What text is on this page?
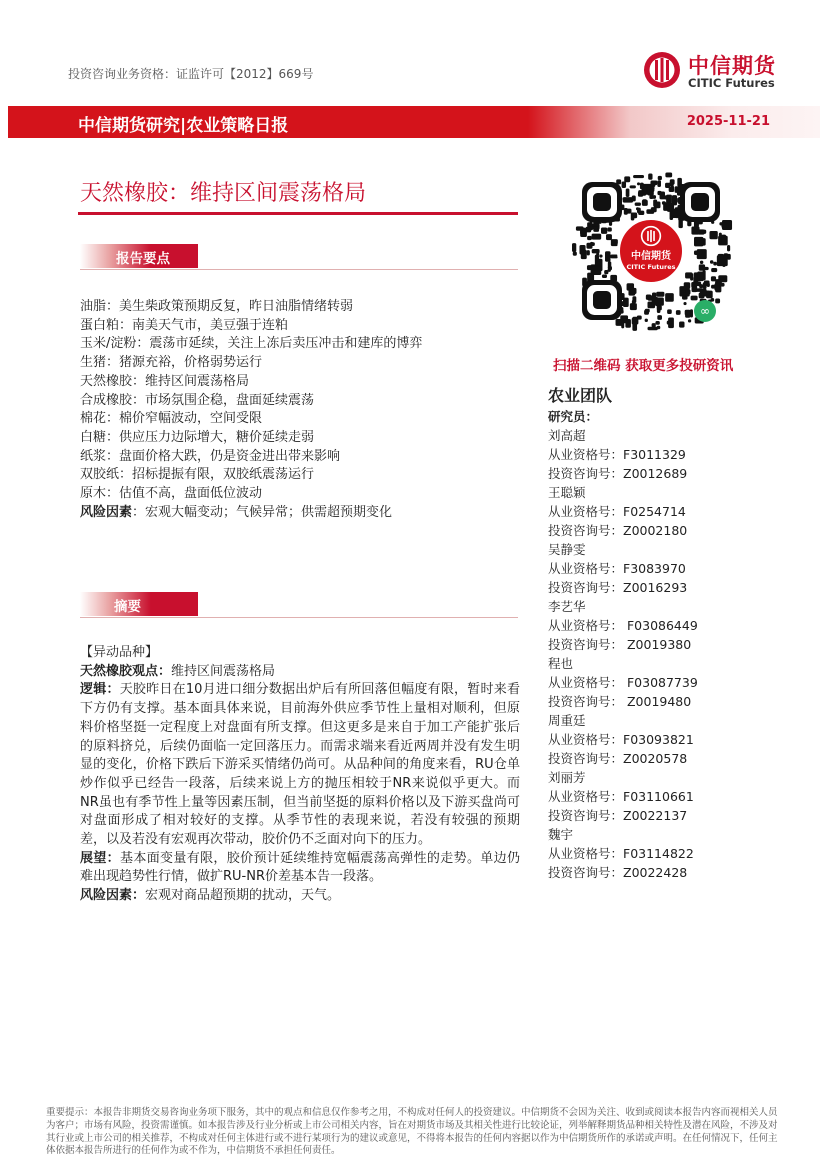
投资咨询业务资格：证监许可【2012】669号	中信期货
CITIC Futures
中信期货研究|农业策略日报	2025-11-21
天然橡胶：维持区间震荡格局
报告要点
油脂：美生柴政策预期反复，昨日油脂情绪转弱
蛋白粕：南美天气市，美豆强于连粕
玉米/淀粉：震荡市延续，关注上冻后卖压冲击和建库的博弈
生猪：猪源充裕，价格弱势运行
天然橡胶：维持区间震荡格局
合成橡胶：市场氛围企稳，盘面延续震荡
棉花：棉价窄幅波动，空间受限
白糖：供应压力边际增大，糖价延续走弱
纸浆：盘面价格大跌，仍是资金进出带来影响
双胶纸：招标提振有限，双胶纸震荡运行
原木：估值不高，盘面低位波动
风险因素：宏观大幅变动；气候异常；供需超预期变化
摘要

【异动品种】

天然橡胶观点：维持区间震荡格局

逻辑：天胶昨日在10月进口细分数据出炉后有所回落但幅度有限，暂时来看下方仍有支撑。基本面具体来说，目前海外供应季节性上量相对顺利，但原料价格坚挺一定程度上对盘面有所支撑。但这更多是来自于加工产能扩张后的原料挤兑，后续仍面临一定回落压力。而需求端来看近两周并没有发生明显的变化，价格下跌后下游采买情绪仍尚可。从品种间的角度来看，RU仓单炒作似乎已经告一段落，后续来说上方的抛压相较于NR来说似乎更大。而NR虽也有季节性上量等因素压制，但当前坚挺的原料价格以及下游买盘尚可对盘面形成了相对较好的支撑。从季节性的表现来说，若没有较强的预期差，以及若没有宏观再次带动，胶价仍不乏面对向下的压力。

展望：基本面变量有限，胶价预计延续维持宽幅震荡高弹性的走势。单边仍难出现趋势性行情，做扩RU-NR价差基本告一段落。

风险因素：宏观对商品超预期的扰动，天气。

中信期货
CITIC Futures
∞
扫描二维码 获取更多投研资讯
农业团队
研究员：
刘高超
从业资格号：F3011329
投资咨询号：Z0012689
王聪颖
从业资格号：F0254714
投资咨询号：Z0002180
吴静雯
从业资格号：F3083970
投资咨询号：Z0016293
李艺华
从业资格号： F03086449
投资咨询号： Z0019380
程也
从业资格号： F03087739
投资咨询号： Z0019480
周重廷
从业资格号：F03093821
投资咨询号：Z0020578
刘丽芳
从业资格号：F03110661
投资咨询号：Z0022137
魏宇
从业资格号：F03114822
投资咨询号：Z0022428
重要提示：本报告非期货交易咨询业务项下服务，其中的观点和信息仅作参考之用，不构成对任何人的投资建议。中信期货不会因为关注、收到或阅读本报告内容而视相关人员为客户；市场有风险，投资需谨慎。如本报告涉及行业分析或上市公司相关内容，旨在对期货市场及其相关性进行比较论证，列举解释期货品种相关特性及潜在风险，不涉及对其行业或上市公司的相关推荐，不构成对任何主体进行或不进行某项行为的建议或意见，不得将本报告的任何内容据以作为中信期货所作的承诺或声明。在任何情况下，任何主体依据本报告所进行的任何作为或不作为，中信期货不承担任何责任。
